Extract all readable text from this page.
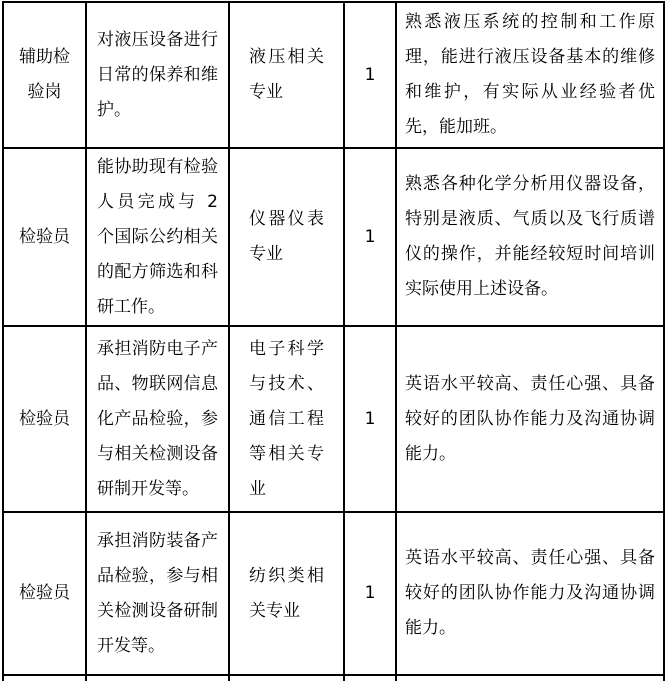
辅助检验岗	对液压设备进行日常的保养和维护。	液压相关专业	1	熟悉液压系统的控制和工作原理，能进行液压设备基本的维修和维护，有实际从业经验者优先，能加班。
检验员	能协助现有检验人员完成与 2 个国际公约相关的配方筛选和科研工作。	仪器仪表专业	1	熟悉各种化学分析用仪器设备，特别是液质、气质以及飞行质谱仪的操作，并能经较短时间培训实际使用上述设备。
检验员	承担消防电子产品、物联网信息化产品检验，参与相关检测设备研制开发等。	电子科学与技术、通信工程等相关专业	1	英语水平较高、责任心强、具备较好的团队协作能力及沟通协调能力。
检验员	承担消防装备产品检验，参与相关检测设备研制开发等。	纺织类相关专业	1	英语水平较高、责任心强、具备较好的团队协作能力及沟通协调能力。
